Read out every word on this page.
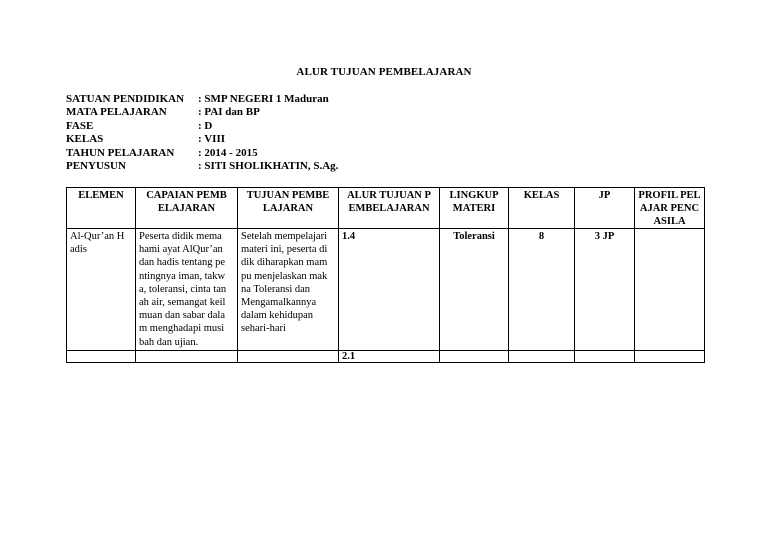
ALUR TUJUAN PEMBELAJARAN
SATUAN PENDIDIKAN	: SMP NEGERI 1 Maduran
MATA PELAJARAN	: PAI dan BP
FASE	: D
KELAS	: VIII
TAHUN PELAJARAN	: 2014 - 2015
PENYUSUN	: SITI SHOLIKHATIN, S.Ag.
ELEMEN	CAPAIAN PEMB ELAJARAN	TUJUAN PEMBE LAJARAN	ALUR TUJUAN P EMBELAJARAN	LINGKUP MATERI	KELAS	JP	PROFIL PEL AJAR PENC ASILA
Al-Qur’an H adis	Peserta didik mema hami ayat AlQur’an dan hadis tentang pe ntingnya iman, takw a, toleransi, cinta tan ah air, semangat keil muan dan sabar dala m menghadapi musi bah dan ujian.	Setelah mempelajari materi ini, peserta di dik diharapkan mam pu menjelaskan mak na Toleransi dan Mengamalkannya dalam kehidupan sehari-hari	1.4	Toleransi	8	3 JP	
			2.1				
